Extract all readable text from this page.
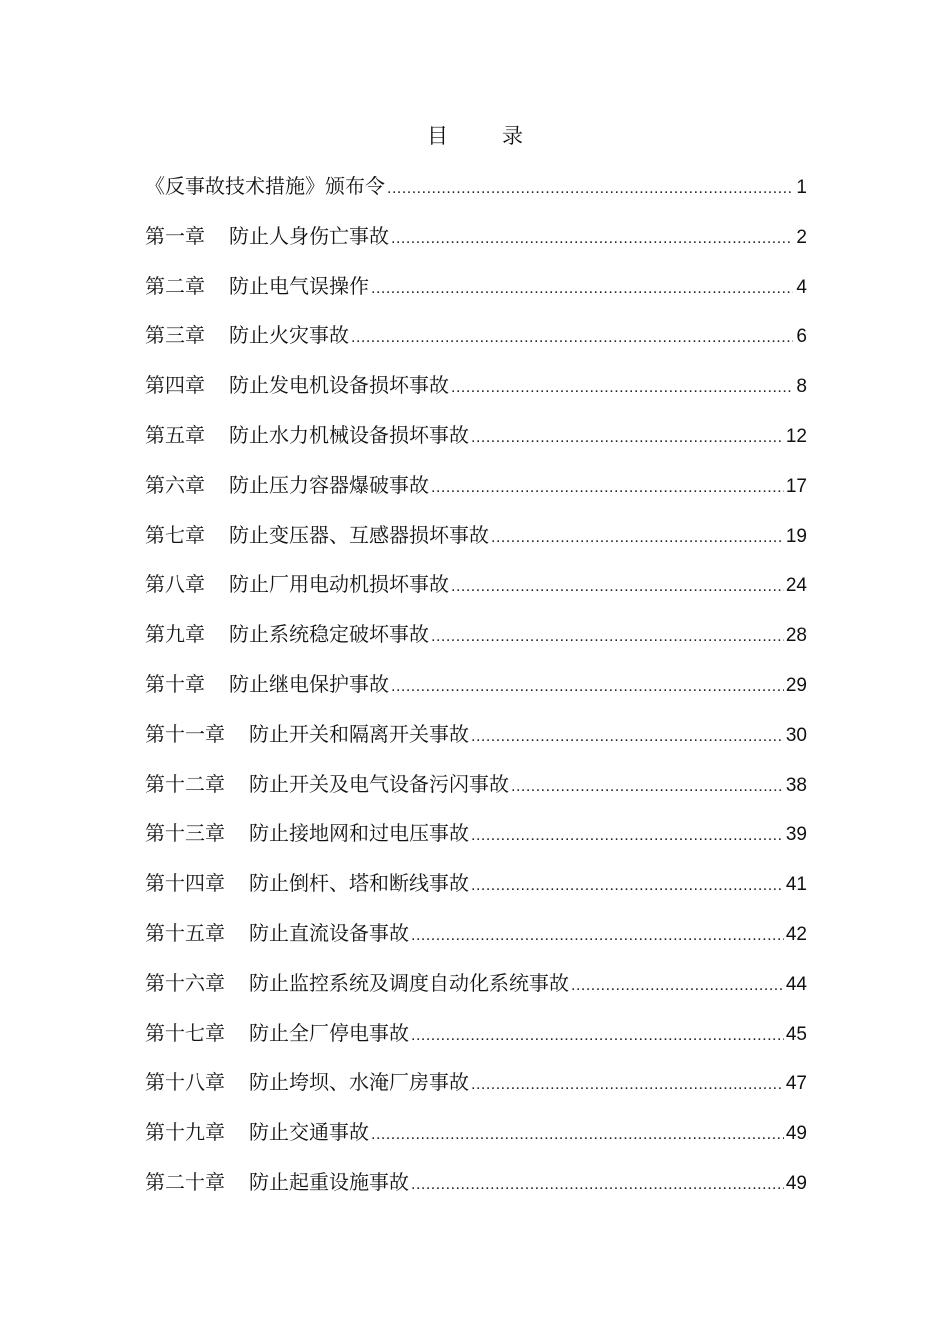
目	录
《反事故技术措施》颁布令 .....	1
第一章 防止人身伤亡事故 .....	2
第二章 防止电气误操作 .....	4
第三章 防止火灾事故 .....	6
第四章 防止发电机设备损坏事故 .....	8
第五章 防止水力机械设备损坏事故 .....	12
第六章 防止压力容器爆破事故 .....	17
第七章 防止变压器、互感器损坏事故 .....	19
第八章 防止厂用电动机损坏事故 .....	24
第九章 防止系统稳定破坏事故 .....	28
第十章 防止继电保护事故 .....	29
第十一章 防止开关和隔离开关事故 .....	30
第十二章 防止开关及电气设备污闪事故 .....	38
第十三章 防止接地网和过电压事故 .....	39
第十四章 防止倒杆、塔和断线事故 .....	41
第十五章 防止直流设备事故 .....	42
第十六章 防止监控系统及调度自动化系统事故 .....	44
第十七章 防止全厂停电事故 .....	45
第十八章 防止垮坝、水淹厂房事故 .....	47
第十九章 防止交通事故 .....	49
第二十章 防止起重设施事故 .....	49
